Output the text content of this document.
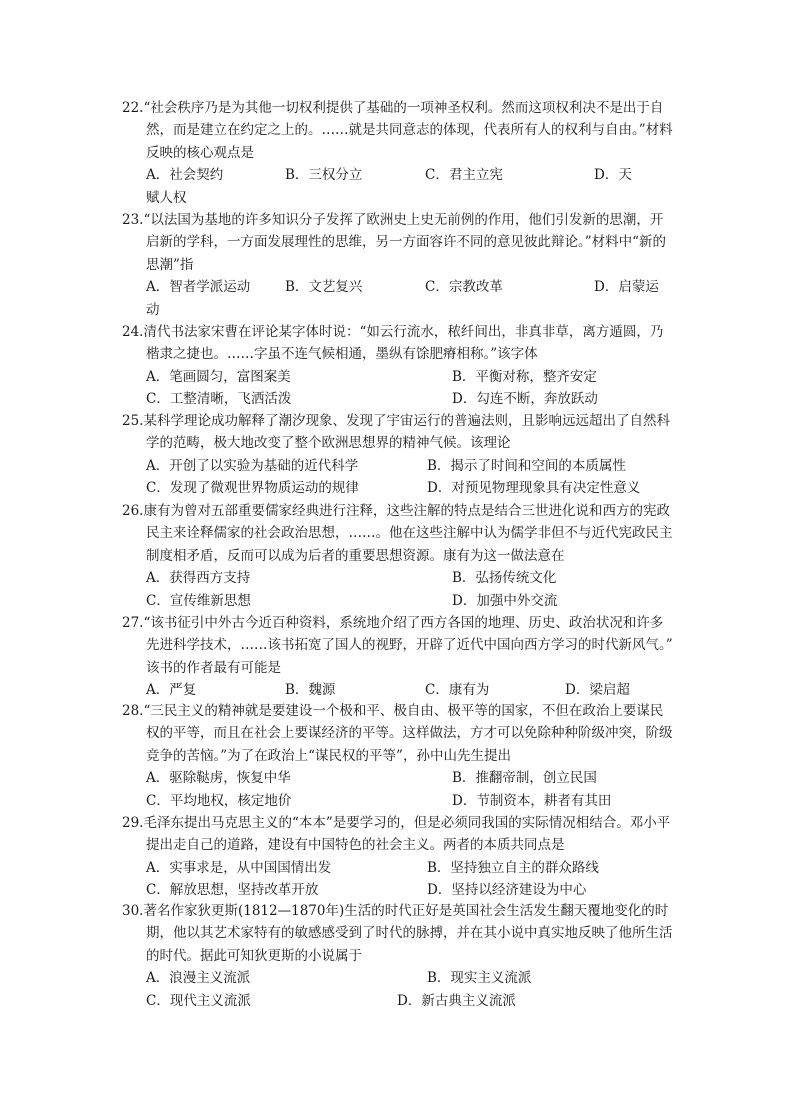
22.“社会秩序乃是为其他一切权利提供了基础的一项神圣权利。然而这项权利决不是出于自然，而是建立在约定之上的。……就是共同意志的体现，代表所有人的权利与自由。”材料反映的核心观点是
A．社会契约	B．三权分立	C．君主立宪	D．天
赋人权
23.“以法国为基地的许多知识分子发挥了欧洲史上史无前例的作用，他们引发新的思潮，开启新的学科，一方面发展理性的思维，另一方面容许不同的意见彼此辩论。”材料中“新的思潮”指
A．智者学派运动	B．文艺复兴	C．宗教改革	D．启蒙运
动
24.清代书法家宋曹在评论某字体时说：“如云行流水，秾纤间出，非真非草，离方遁圆，乃楷隶之捷也。……字虽不连气候相通，墨纵有馀肥瘠相称。”该字体
A．笔画圆匀，富图案美	B．平衡对称，整齐安定
C．工整清晰，飞洒活泼	D．勾连不断，奔放跃动
25.某科学理论成功解释了潮汐现象、发现了宇宙运行的普遍法则，且影响远远超出了自然科学的范畴，极大地改变了整个欧洲思想界的精神气候。该理论
A．开创了以实验为基础的近代科学	B．揭示了时间和空间的本质属性
C．发现了微观世界物质运动的规律	D．对预见物理现象具有决定性意义
26.康有为曾对五部重要儒家经典进行注释，这些注解的特点是结合三世进化说和西方的宪政民主来诠释儒家的社会政治思想，……。他在这些注解中认为儒学非但不与近代宪政民主制度相矛盾，反而可以成为后者的重要思想资源。康有为这一做法意在
A．获得西方支持	B．弘扬传统文化
C．宣传维新思想	D．加强中外交流
27.“该书征引中外古今近百种资料，系统地介绍了西方各国的地理、历史、政治状况和许多先进科学技术，……该书拓宽了国人的视野，开辟了近代中国向西方学习的时代新风气。” 该书的作者最有可能是
A．严复	B．魏源	C．康有为	D．梁启超
28.“三民主义的精神就是要建设一个极和平、极自由、极平等的国家，不但在政治上要谋民权的平等，而且在社会上要谋经济的平等。这样做法，方才可以免除种种阶级冲突，阶级竞争的苦恼。”为了在政治上“谋民权的平等”，孙中山先生提出
A．驱除鞑虏，恢复中华	B．推翻帝制，创立民国
C．平均地权，核定地价	D．节制资本，耕者有其田
29.毛泽东提出马克思主义的“本本”是要学习的，但是必须同我国的实际情况相结合。邓小平提出走自己的道路，建设有中国特色的社会主义。两者的本质共同点是
A．实事求是，从中国国情出发	B．坚持独立自主的群众路线
C．解放思想，坚持改革开放	D．坚持以经济建设为中心
30.著名作家狄更斯(1812—1870年)生活的时代正好是英国社会生活发生翻天覆地变化的时期，他以其艺术家特有的敏感感受到了时代的脉搏，并在其小说中真实地反映了他所生活的时代。据此可知狄更斯的小说属于
A．浪漫主义流派	B．现实主义流派
C．现代主义流派	D．新古典主义流派
